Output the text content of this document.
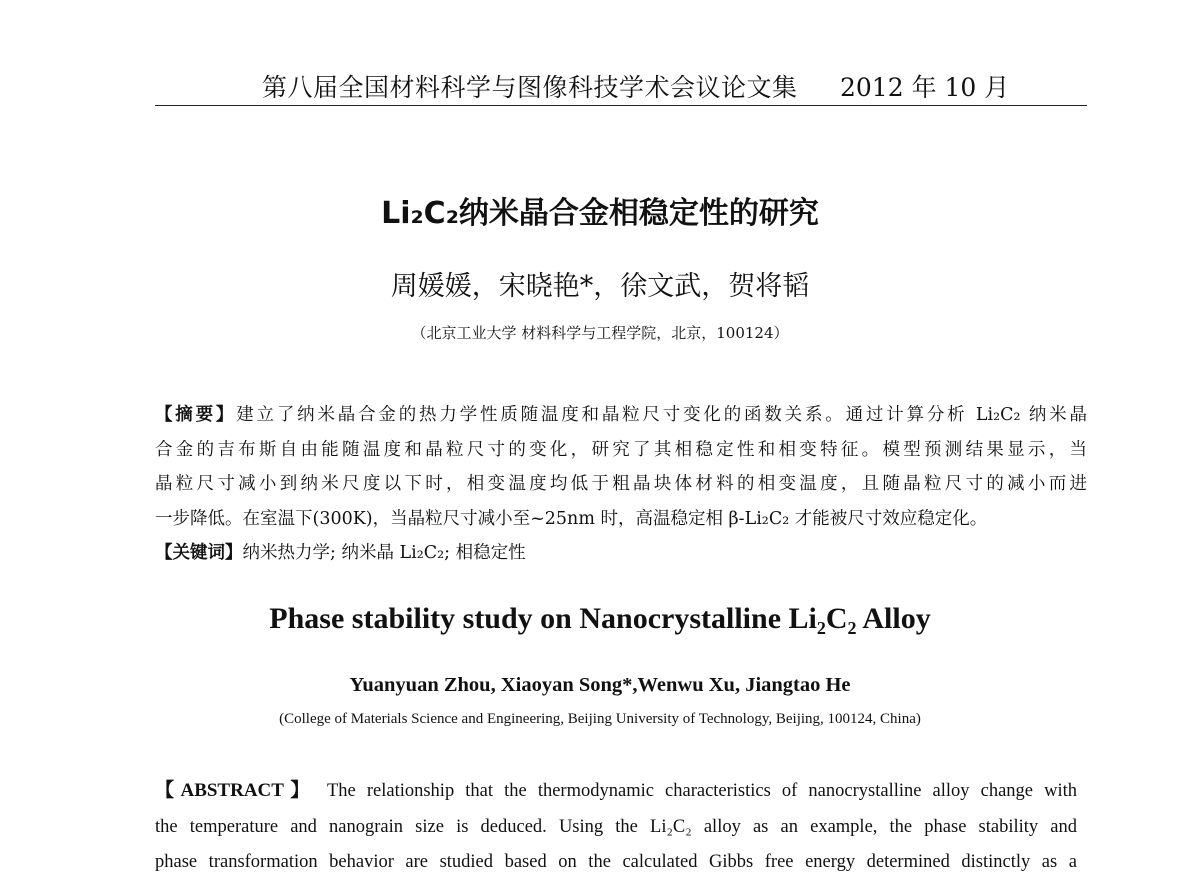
第八届全国材料科学与图像科技学术会议论文集 2012 年 10 月
Li₂C₂纳米晶合金相稳定性的研究
周媛媛，宋晓艳*，徐文武，贺将韬
（北京工业大学 材料科学与工程学院，北京，100124）
【摘要】建立了纳米晶合金的热力学性质随温度和晶粒尺寸变化的函数关系。通过计算分析 Li₂C₂ 纳米晶
合金的吉布斯自由能随温度和晶粒尺寸的变化，研究了其相稳定性和相变特征。模型预测结果显示，当
晶粒尺寸减小到纳米尺度以下时，相变温度均低于粗晶块体材料的相变温度，且随晶粒尺寸的减小而进
一步降低。在室温下(300K)，当晶粒尺寸减小至~25nm 时，高温稳定相 β-Li₂C₂ 才能被尺寸效应稳定化。
【关键词】纳米热力学; 纳米晶 Li₂C₂; 相稳定性
Phase stability study on Nanocrystalline Li₂C₂ Alloy
Yuanyuan Zhou, Xiaoyan Song*,Wenwu Xu, Jiangtao He
(College of Materials Science and Engineering, Beijing University of Technology, Beijing, 100124, China)
【ABSTRACT】 The relationship that the thermodynamic characteristics of nanocrystalline alloy change with
the temperature and nanograin size is deduced. Using the Li₂C₂ alloy as an example, the phase stability and
phase transformation behavior are studied based on the calculated Gibbs free energy determined distinctly as a
